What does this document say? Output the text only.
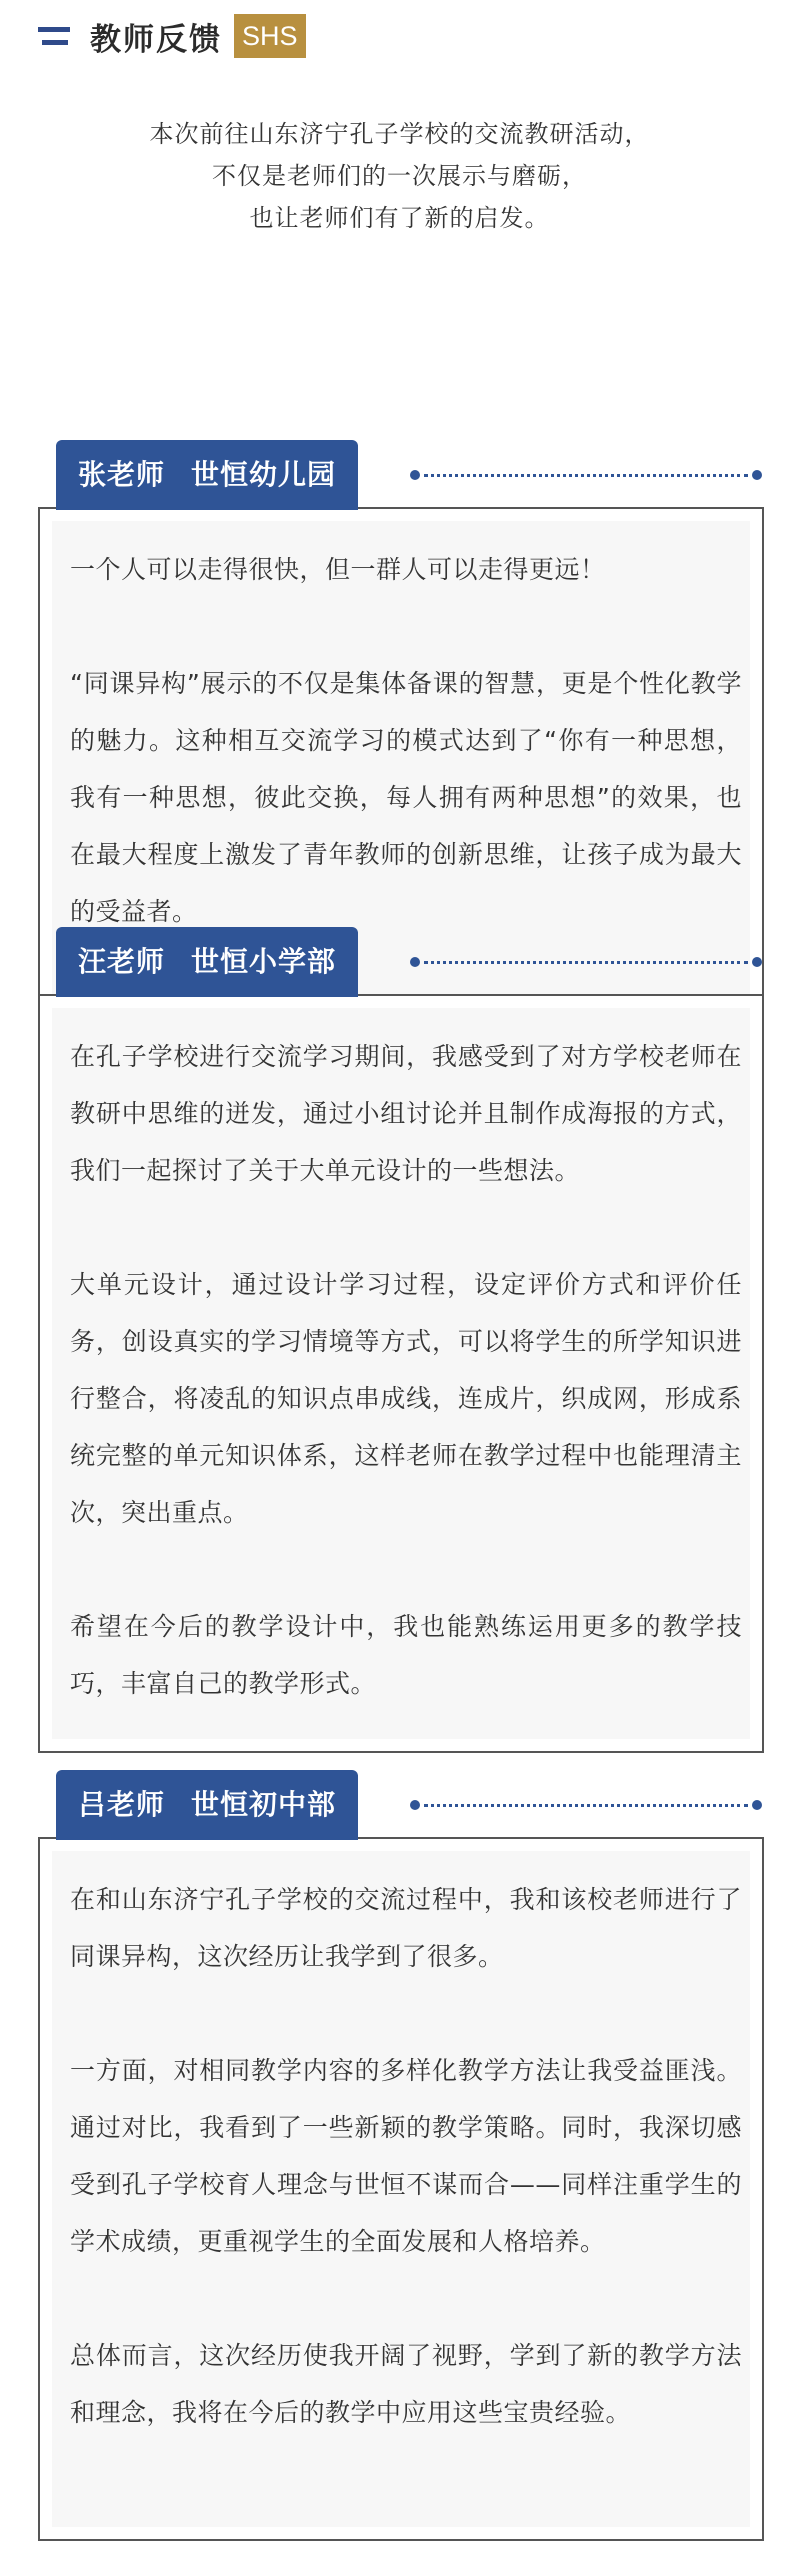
教师反馈 SHS
本次前往山东济宁孔子学校的交流教研活动，
不仅是老师们的一次展示与磨砺，
也让老师们有了新的启发。

一个人可以走得很快，但一群人可以走得更远！

“同课异构”展示的不仅是集体备课的智慧，更是个性化教学的魅力。这种相互交流学习的模式达到了“你有一种思想，我有一种思想，彼此交换，每人拥有两种思想”的效果，也在最大程度上激发了青年教师的创新思维，让孩子成为最大的受益者。

张老师 世恒幼儿园

在孔子学校进行交流学习期间，我感受到了对方学校老师在教研中思维的迸发，通过小组讨论并且制作成海报的方式，我们一起探讨了关于大单元设计的一些想法。

大单元设计，通过设计学习过程，设定评价方式和评价任务，创设真实的学习情境等方式，可以将学生的所学知识进行整合，将凌乱的知识点串成线，连成片，织成网，形成系统完整的单元知识体系，这样老师在教学过程中也能理清主次，突出重点。

希望在今后的教学设计中，我也能熟练运用更多的教学技巧，丰富自己的教学形式。

汪老师 世恒小学部

在和山东济宁孔子学校的交流过程中，我和该校老师进行了同课异构，这次经历让我学到了很多。

一方面，对相同教学内容的多样化教学方法让我受益匪浅。通过对比，我看到了一些新颖的教学策略。同时，我深切感受到孔子学校育人理念与世恒不谋而合——同样注重学生的学术成绩，更重视学生的全面发展和人格培养。

总体而言，这次经历使我开阔了视野，学到了新的教学方法和理念，我将在今后的教学中应用这些宝贵经验。

吕老师 世恒初中部
